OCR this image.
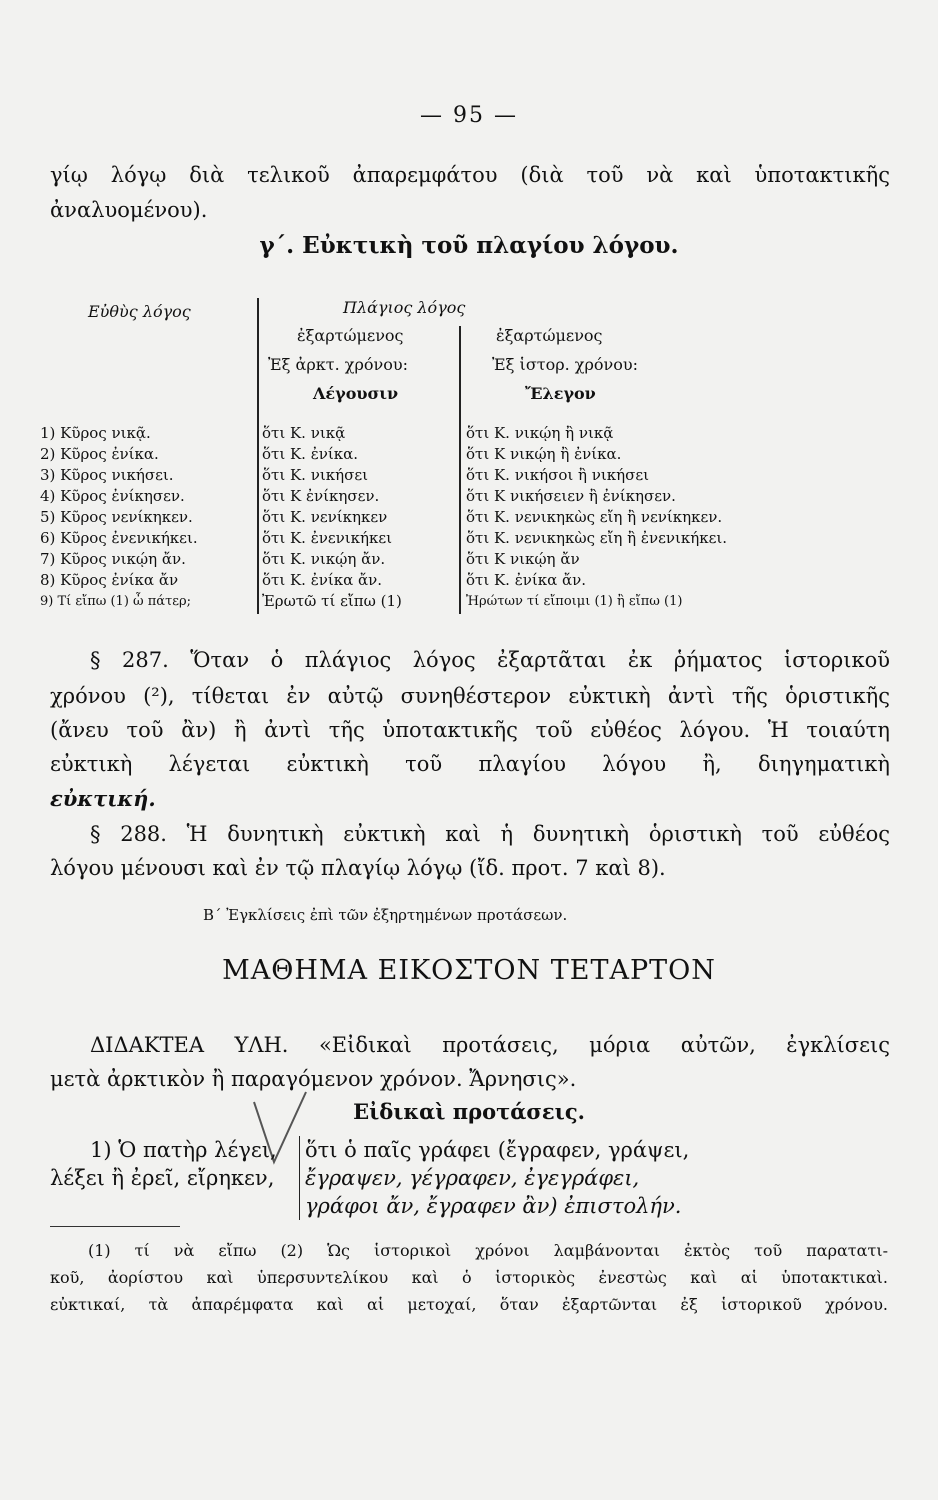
— 95 —
γίῳ λόγῳ διὰ τελικοῦ ἀπαρεμφάτου (διὰ τοῦ νὰ καὶ ὑποτακτικῆς
ἀναλυομένου).
γ΄. Εὐκτικὴ τοῦ πλαγίου λόγου.
Εὐθὺς λόγος	Πλάγιος λόγος
ἐξαρτώμενος
Ἐξ ἀρκτ. χρόνου:
Λέγουσιν
ἐξαρτώμενος
Ἐξ ἱστορ. χρόνου:
Ἔλεγον
1) Κῦρος νικᾷ.
2) Κῦρος ἐνίκα.
3) Κῦρος νικήσει.
4) Κῦρος ἐνίκησεν.
5) Κῦρος νενίκηκεν.
6) Κῦρος ἐνενικήκει.
7) Κῦρος νικῴη ἄν.
8) Κῦρος ἐνίκα ἄν
9) Τί εἴπω (1) ὦ πάτερ;
ὅτι Κ. νικᾷ
ὅτι Κ. ἐνίκα.
ὅτι Κ. νικήσει
ὅτι Κ ἐνίκησεν.
ὅτι Κ. νενίκηκεν
ὅτι Κ. ἐνενικήκει
ὅτι Κ. νικῴη ἄν.
ὅτι Κ. ἐνίκα ἄν.
Ἐρωτῶ τί εἴπω (1)
ὅτι Κ. νικῴη ἢ νικᾷ
ὅτι Κ νικῴη ἢ ἐνίκα.
ὅτι Κ. νικήσοι ἢ νικήσει
ὅτι Κ νικήσειεν ἢ ἐνίκησεν.
ὅτι Κ. νενικηκὼς εἴη ἢ νενίκηκεν.
ὅτι Κ. νενικηκὼς εἴη ἢ ἐνενικήκει.
ὅτι Κ νικῴη ἄν
ὅτι Κ. ἐνίκα ἄν.
Ἠρώτων τί εἴποιμι (1) ἢ εἴπω (1)
§ 287. Ὅταν ὁ πλάγιος λόγος ἐξαρτᾶται ἐκ ῥήματος ἱστορικοῦ
χρόνου (²), τίθεται ἐν αὐτῷ συνηθέστερον εὐκτικὴ ἀντὶ τῆς ὁριστικῆς
(ἄνευ τοῦ ἂν) ἢ ἀντὶ τῆς ὑποτακτικῆς τοῦ εὐθέος λόγου. Ἡ τοιαύτη
εὐκτικὴ λέγεται εὐκτικὴ τοῦ πλαγίου λόγου ἢ, διηγηματικὴ
εὐκτική.
§ 288. Ἡ δυνητικὴ εὐκτικὴ καὶ ἡ δυνητικὴ ὁριστικὴ τοῦ εὐθέος
λόγου μένουσι καὶ ἐν τῷ πλαγίῳ λόγῳ (ἴδ. προτ. 7 καὶ 8).
Β΄ Ἐγκλίσεις ἐπὶ τῶν ἐξηρτημένων προτάσεων.
ΜΑΘΗΜΑ ΕΙΚΟΣΤΟΝ ΤΕΤΑΡΤΟΝ
ΔΙΔΑΚΤΕΑ ΥΛΗ. «Εἰδικαὶ προτάσεις, μόρια αὐτῶν, ἐγκλίσεις
μετὰ ἀρκτικὸν ἢ παραγόμενον χρόνον. Ἄρνησις».
Εἰδικαὶ προτάσεις.
1) Ὁ πατὴρ λέγει,
λέξει ἢ ἐρεῖ, εἴρηκεν,
ὅτι ὁ παῖς γράφει (ἔγραφεν, γράψει,
ἔγραψεν, γέγραφεν, ἐγεγράφει,
γράφοι ἄν, ἔγραφεν ἂν) ἐπιστολήν.
(1) τί νὰ εἴπω (2) Ὡς ἱστορικοὶ χρόνοι λαμβάνονται ἐκτὸς τοῦ παρατατι-
κοῦ, ἀορίστου καὶ ὑπερσυντελίκου καὶ ὁ ἱστορικὸς ἐνεστὼς καὶ αἱ ὑποτακτικαὶ.
εὐκτικαί, τὰ ἀπαρέμφατα καὶ αἱ μετοχαί, ὅταν ἐξαρτῶνται ἐξ ἱστορικοῦ χρόνου.
